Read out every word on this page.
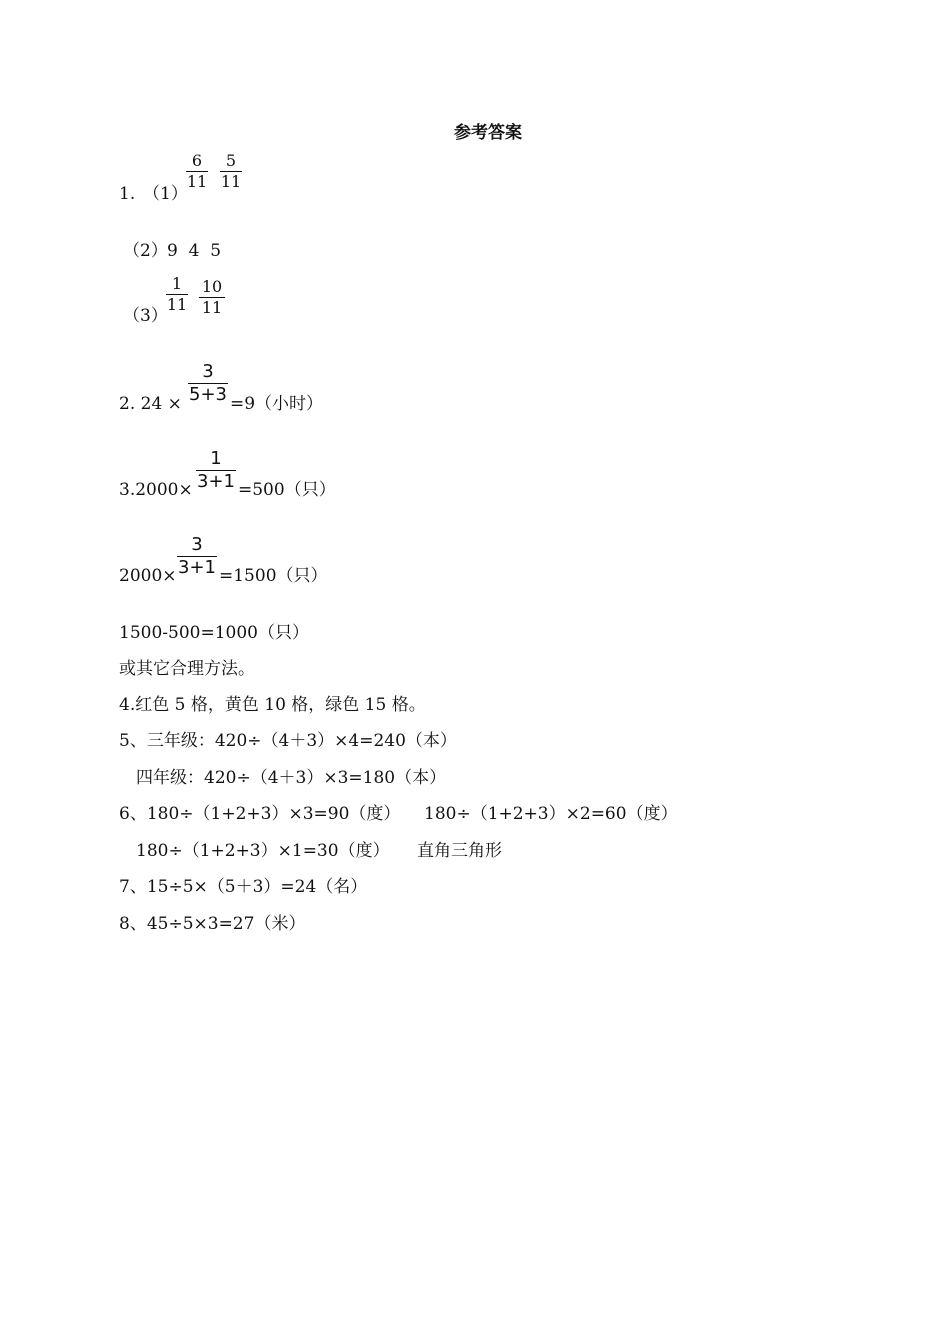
参考答案
1. （1）
6
11
5
11
（2） 9  4  5
（3）
1
11
10
11
2. 24 ×
3
5+3 =9（小时）
3.2000×
1
3+1 =500（只）
2000×
3
3+1 =1500（只）
1500-500=1000（只）
或其它合理方法。
4.红色 5 格，黄色 10 格，绿色 15 格。
5、三年级：420÷（4＋3）×4=240（本）
四年级：420÷（4＋3）×3=180（本）
6、180÷（1+2+3）×3=90（度） 180÷（1+2+3）×2=60（度）
180÷（1+2+3）×1=30（度） 直角三角形
7、15÷5×（5＋3）=24（名）
8、45÷5×3=27（米）
